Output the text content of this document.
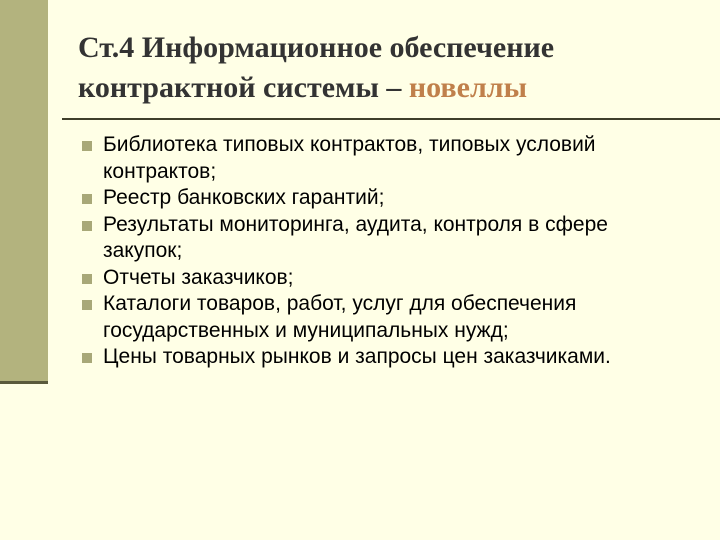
Ст.4 Информационное обеспечение контрактной системы – новеллы
Библиотека типовых контрактов, типовых условий контрактов;
Реестр банковских гарантий;
Результаты мониторинга, аудита, контроля в сфере закупок;
Отчеты заказчиков;
Каталоги товаров, работ, услуг для обеспечения государственных и муниципальных нужд;
Цены товарных рынков и запросы цен заказчиками.
